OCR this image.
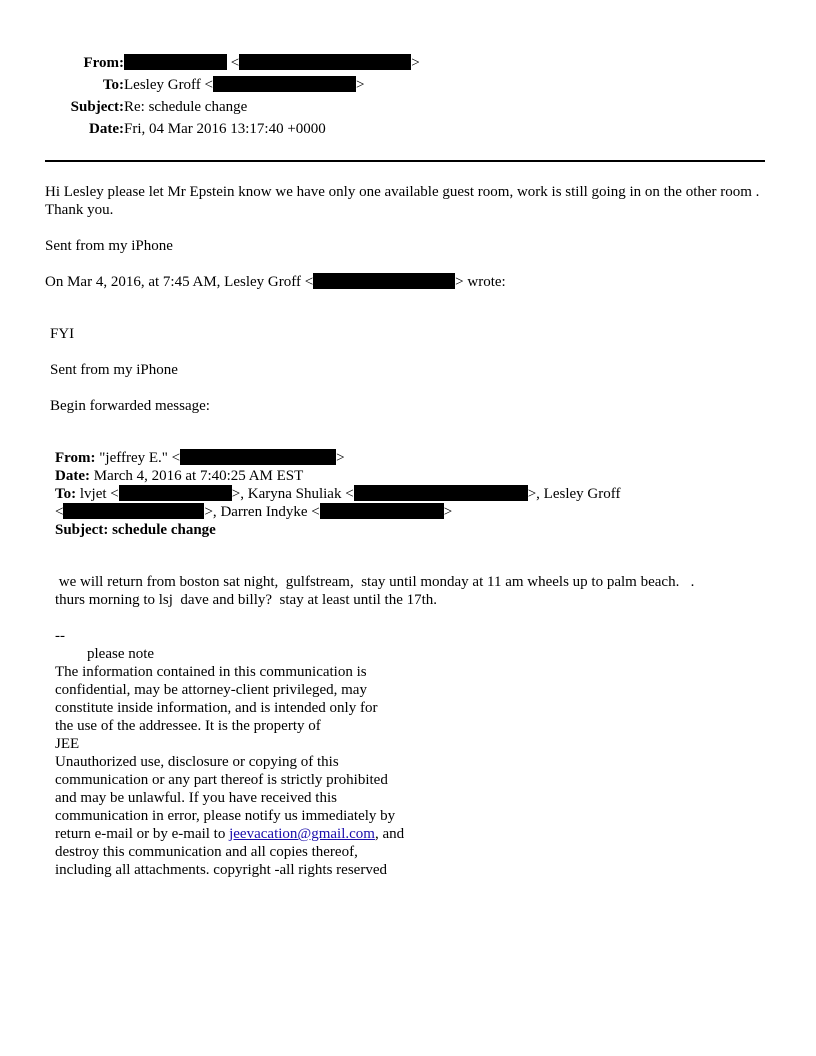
From:	<	>
To: Lesley Groff <	>
Subject: Re: schedule change
Date: Fri, 04 Mar 2016 13:17:40 +0000
Hi Lesley please let Mr Epstein know we have only one available guest room, work is still going in on the other room . Thank you.
Sent from my iPhone
On Mar 4, 2016, at 7:45 AM, Lesley Groff <	> wrote:
FYI
Sent from my iPhone
Begin forwarded message:
From: "jeffrey E." <	>
Date: March 4, 2016 at 7:40:25 AM EST
To: lvjet <	>, Karyna Shuliak <	>, Lesley Groff
<	>, Darren Indyke <	>
Subject: schedule change
we will return from boston sat night,  gulfstream,  stay until monday at 11 am wheels up to palm beach.   .
thurs morning to lsj  dave and billy?  stay at least until the 17th.
--
please note
The information contained in this communication is
confidential, may be attorney-client privileged, may
constitute inside information, and is intended only for
the use of the addressee. It is the property of
JEE
Unauthorized use, disclosure or copying of this
communication or any part thereof is strictly prohibited
and may be unlawful. If you have received this
communication in error, please notify us immediately by
return e-mail or by e-mail to jeevacation@gmail.com, and
destroy this communication and all copies thereof,
including all attachments. copyright -all rights reserved
